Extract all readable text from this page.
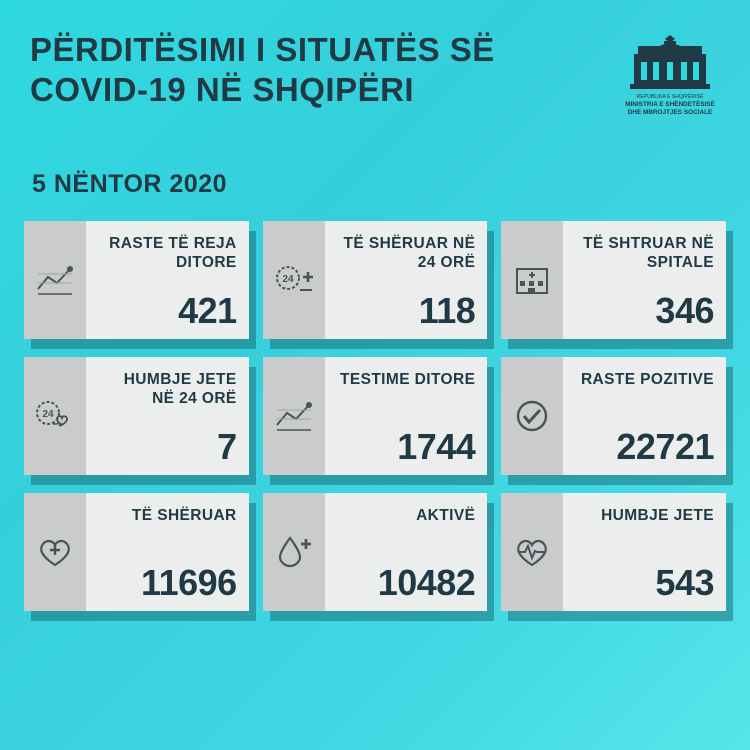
PËRDITËSIMI I SITUATËS SË COVID-19 NË SHQIPËRI	REPUBLIKA E SHQIPËRISË
MINISTRIA E SHËNDETËSISË
DHE MBROJTJES SOCIALE
5 NËNTOR 2020
RASTE TË REJA DITORE
421
24
TË SHËRUAR NË 24 ORË
118
TË SHTRUAR NË SPITALE
346
24
HUMBJE JETE NË 24 ORË
7
TESTIME DITORE
1744
RASTE POZITIVE
22721
TË SHËRUAR
11696
AKTIVË
10482
HUMBJE JETE
543
